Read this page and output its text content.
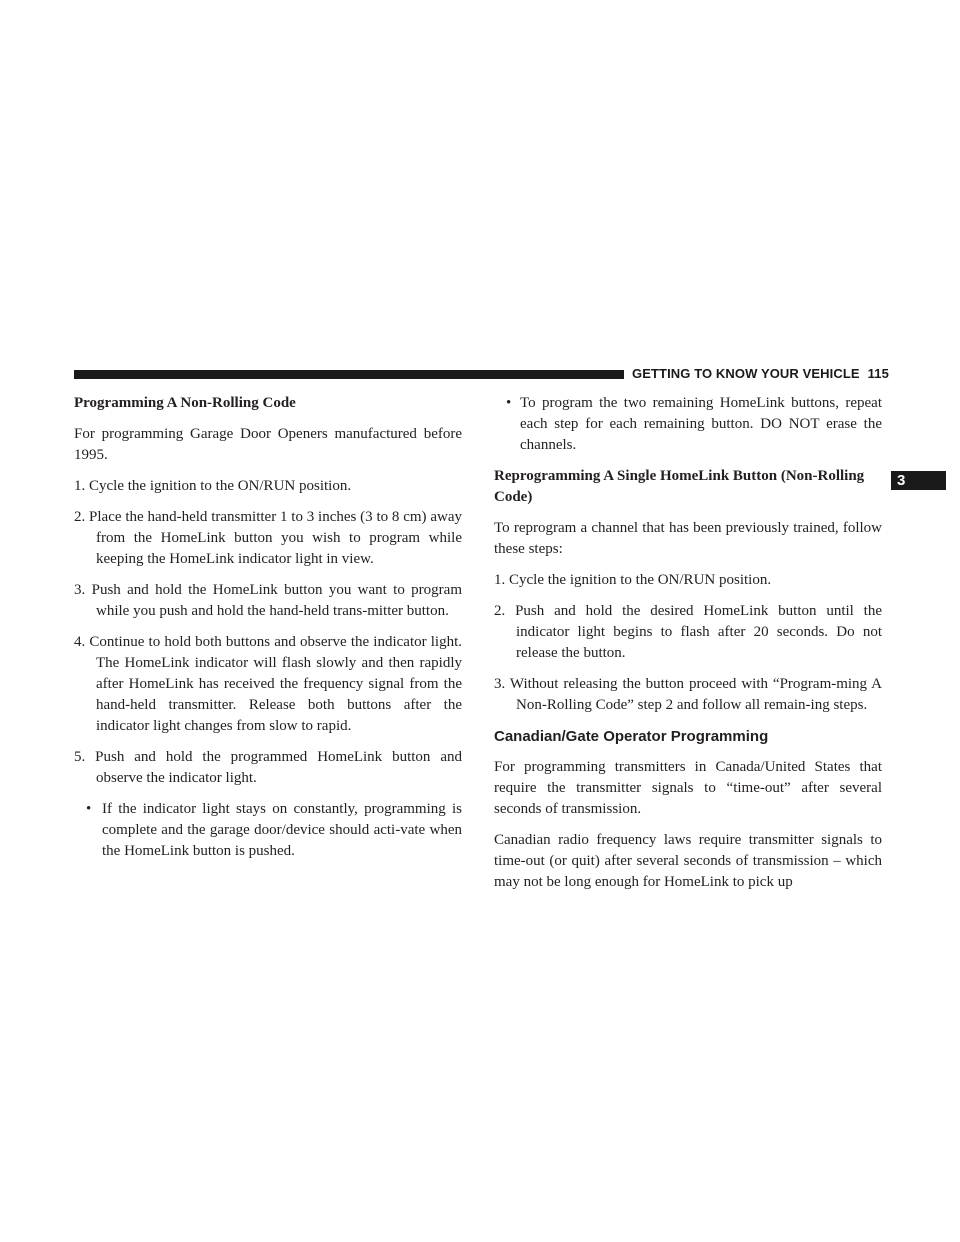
GETTING TO KNOW YOUR VEHICLE 115
3

Programming A Non-Rolling Code

For programming Garage Door Openers manufactured before 1995.

1. Cycle the ignition to the ON/RUN position.

2. Place the hand-held transmitter 1 to 3 inches (3 to 8 cm) away from the HomeLink button you wish to program while keeping the HomeLink indicator light in view.

3. Push and hold the HomeLink button you want to program while you push and hold the hand-held trans-mitter button.

4. Continue to hold both buttons and observe the indicator light. The HomeLink indicator will flash slowly and then rapidly after HomeLink has received the frequency signal from the hand-held transmitter. Release both buttons after the indicator light changes from slow to rapid.

5. Push and hold the programmed HomeLink button and observe the indicator light.

• If the indicator light stays on constantly, programming is complete and the garage door/device should acti-vate when the HomeLink button is pushed.

• To program the two remaining HomeLink buttons, repeat each step for each remaining button. DO NOT erase the channels.

Reprogramming A Single HomeLink Button (Non-Rolling Code)

To reprogram a channel that has been previously trained, follow these steps:

1. Cycle the ignition to the ON/RUN position.

2. Push and hold the desired HomeLink button until the indicator light begins to flash after 20 seconds. Do not release the button.

3. Without releasing the button proceed with “Program-ming A Non-Rolling Code” step 2 and follow all remain-ing steps.

Canadian/Gate Operator Programming

For programming transmitters in Canada/United States that require the transmitter signals to “time-out” after several seconds of transmission.

Canadian radio frequency laws require transmitter signals to time-out (or quit) after several seconds of transmission – which may not be long enough for HomeLink to pick up
